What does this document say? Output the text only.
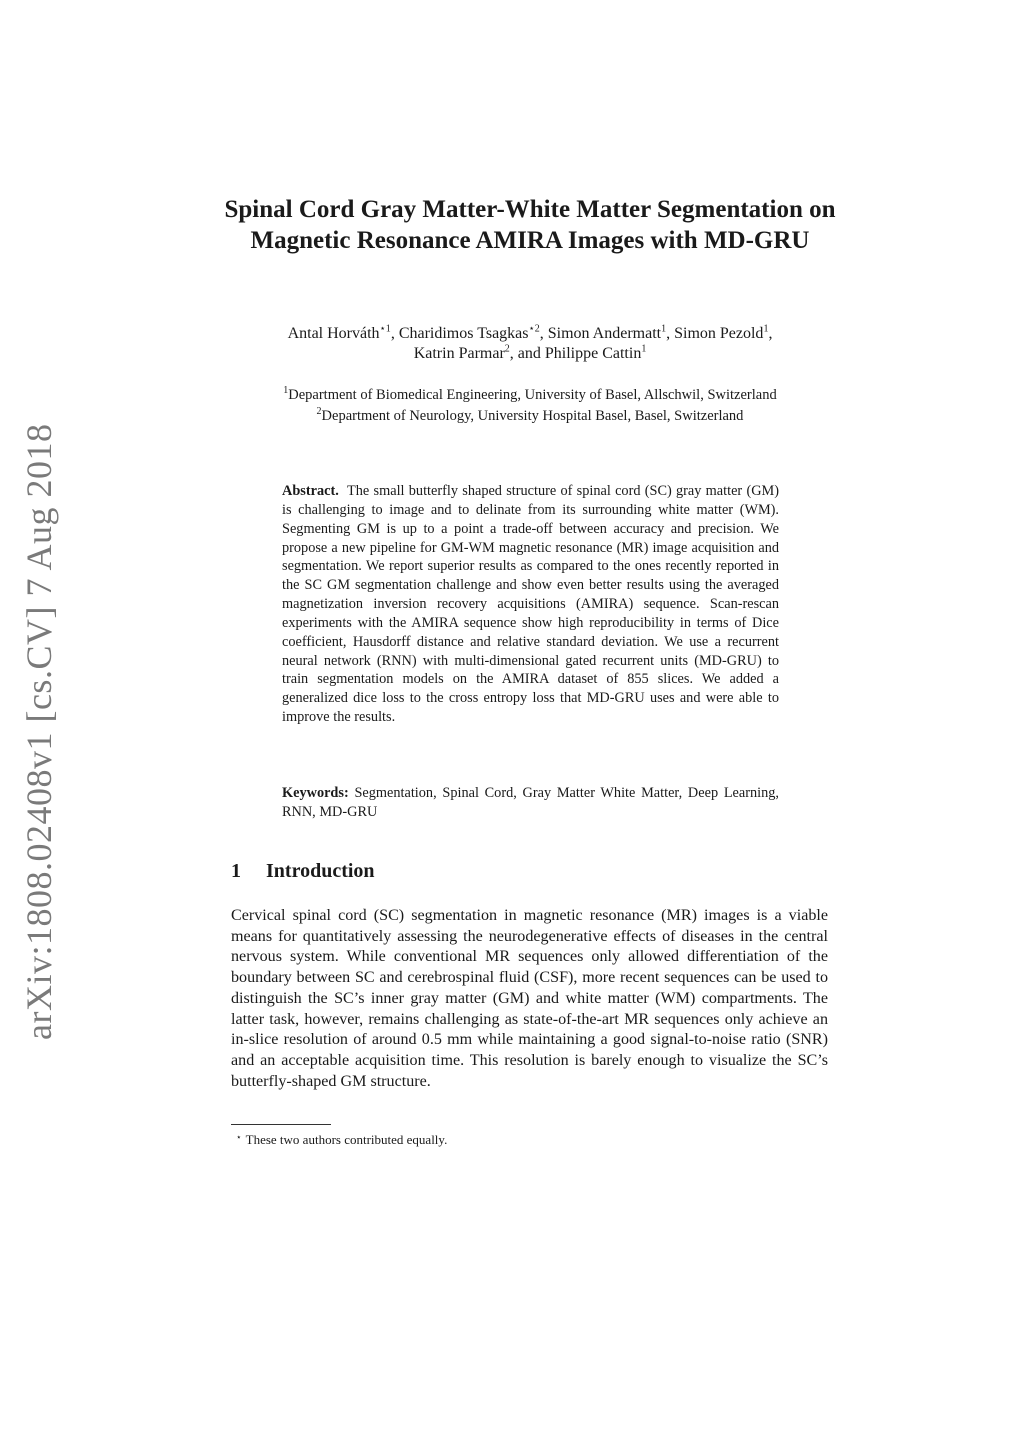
arXiv:1808.02408v1 [cs.CV] 7 Aug 2018
Spinal Cord Gray Matter-White Matter Segmentation on Magnetic Resonance AMIRA Images with MD-GRU
Antal Horváth$^{⋆1}$, Charidimos Tsagkas$^{⋆2}$, Simon Andermatt$^1$, Simon Pezold$^1$,
Katrin Parmar$^2$, and Philippe Cattin$^1$
$^1$Department of Biomedical Engineering, University of Basel, Allschwil, Switzerland
$^2$Department of Neurology, University Hospital Basel, Basel, Switzerland
Abstract. The small butterfly shaped structure of spinal cord (SC) gray matter (GM) is challenging to image and to delinate from its surrounding white matter (WM). Segmenting GM is up to a point a trade-off between accuracy and precision. We propose a new pipeline for GM-WM magnetic resonance (MR) image acquisition and segmentation. We report superior results as compared to the ones recently reported in the SC GM segmentation challenge and show even better results using the averaged magnetization inversion recovery acquisitions (AMIRA) sequence. Scan-rescan experiments with the AMIRA sequence show high reproducibility in terms of Dice coefficient, Hausdorff distance and relative standard deviation. We use a recurrent neural network (RNN) with multi-dimensional gated recurrent units (MD-GRU) to train segmentation models on the AMIRA dataset of 855 slices. We added a generalized dice loss to the cross entropy loss that MD-GRU uses and were able to improve the results.
Keywords: Segmentation, Spinal Cord, Gray Matter White Matter, Deep Learning, RNN, MD-GRU
1 Introduction
Cervical spinal cord (SC) segmentation in magnetic resonance (MR) images is a viable means for quantitatively assessing the neurodegenerative effects of diseases in the central nervous system. While conventional MR sequences only allowed differentiation of the boundary between SC and cerebrospinal fluid (CSF), more recent sequences can be used to distinguish the SC’s inner gray matter (GM) and white matter (WM) compartments. The latter task, however, remains challenging as state-of-the-art MR sequences only achieve an in-slice resolution of around 0.5 mm while maintaining a good signal-to-noise ratio (SNR) and an acceptable acquisition time. This resolution is barely enough to visualize the SC’s butterfly-shaped GM structure.
⋆ These two authors contributed equally.
